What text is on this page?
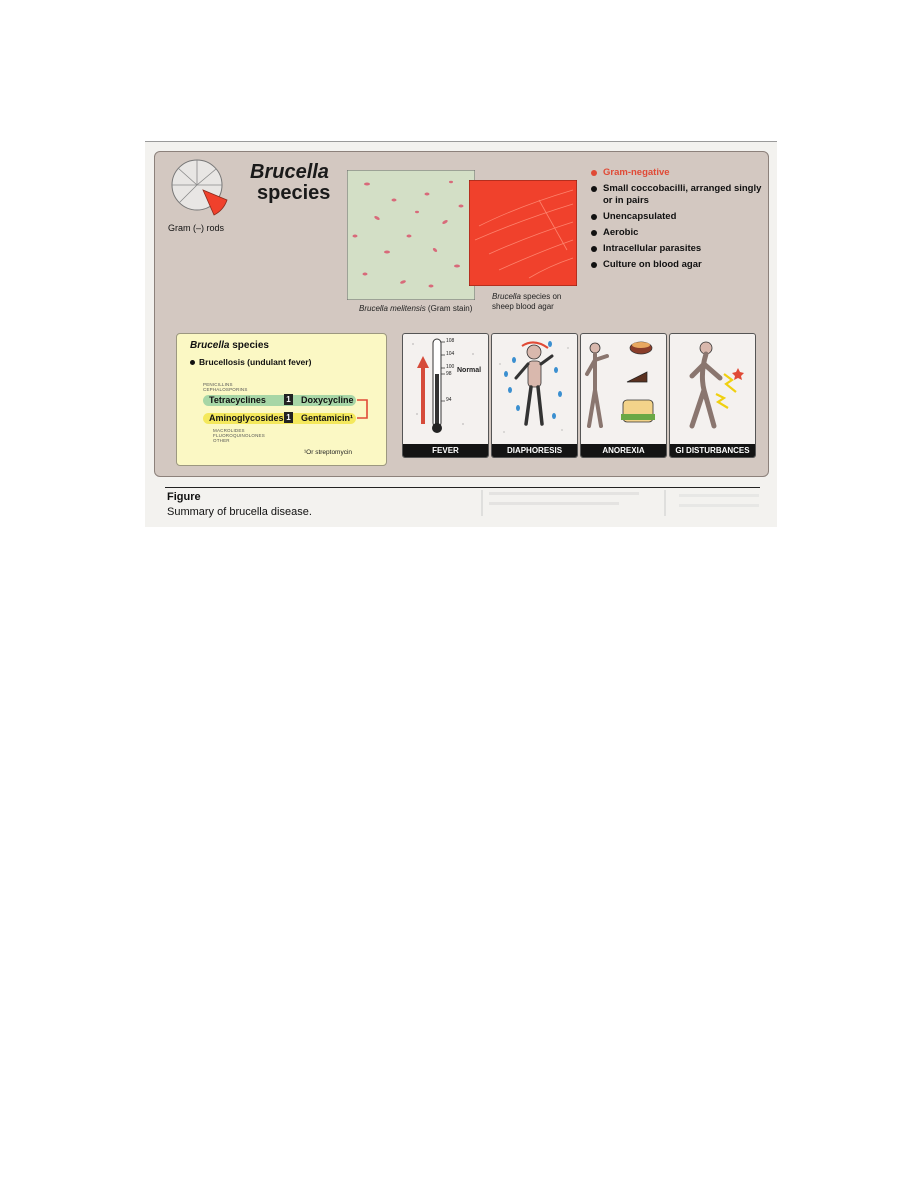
Gram (–) rods
Brucella
species
Brucella melitensis (Gram stain)
Brucella species on
sheep blood agar
Gram-negative
Small coccobacilli, arranged singly
or in pairs
Unencapsulated
Aerobic
Intracellular parasites
Culture on blood agar
Brucella species
Brucellosis (undulant fever)
PENICILLINS
CEPHALOSPORINS
Tetracyclines	1 Doxycycline
Aminoglycosides 1 Gentamicin¹
MACROLIDES
FLUOROQUINOLONES
OTHER
¹Or streptomycin
108
104
100
98
94
Normal
FEVER	DIAPHORESIS	ANOREXIA	GI DISTURBANCES
Figure
Summary of brucella disease.
